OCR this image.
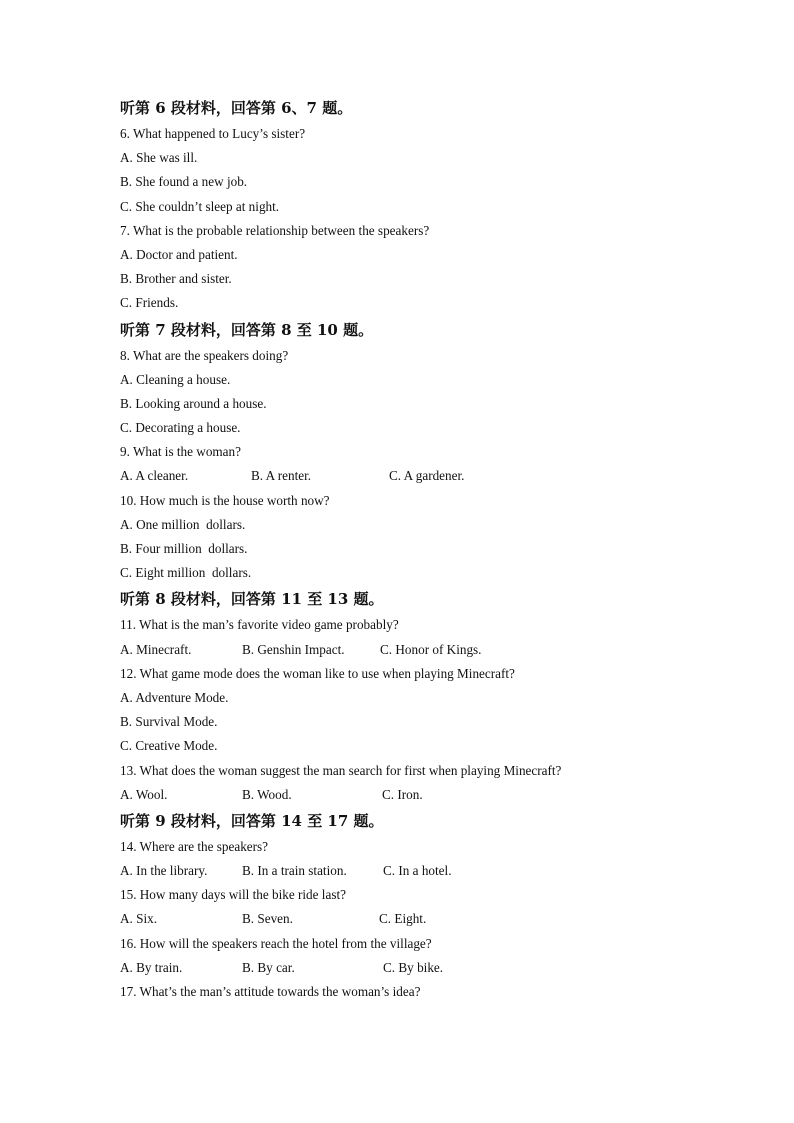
听第 6 段材料，回答第 6、7 题。
6. What happened to Lucy’s sister?
A. She was ill.
B. She found a new job.
C. She couldn’t sleep at night.
7. What is the probable relationship between the speakers?
A. Doctor and patient.
B. Brother and sister.
C. Friends.
听第 7 段材料，回答第 8 至 10 题。
8. What are the speakers doing?
A. Cleaning a house.
B. Looking around a house.
C. Decorating a house.
9. What is the woman?
A. A cleaner.	B. A renter.	C. A gardener.
10. How much is the house worth now?
A. One million  dollars.
B. Four million  dollars.
C. Eight million  dollars.
听第 8 段材料，回答第 11 至 13 题。
11. What is the man’s favorite video game probably?
A. Minecraft.	B. Genshin Impact.	C. Honor of Kings.
12. What game mode does the woman like to use when playing Minecraft?
A. Adventure Mode.
B. Survival Mode.
C. Creative Mode.
13. What does the woman suggest the man search for first when playing Minecraft?
A. Wool.	B. Wood.	C. Iron.
听第 9 段材料，回答第 14 至 17 题。
14. Where are the speakers?
A. In the library.	B. In a train station.	C. In a hotel.
15. How many days will the bike ride last?
A. Six.	B. Seven.	C. Eight.
16. How will the speakers reach the hotel from the village?
A. By train.	B. By car.	C. By bike.
17. What’s the man’s attitude towards the woman’s idea?
